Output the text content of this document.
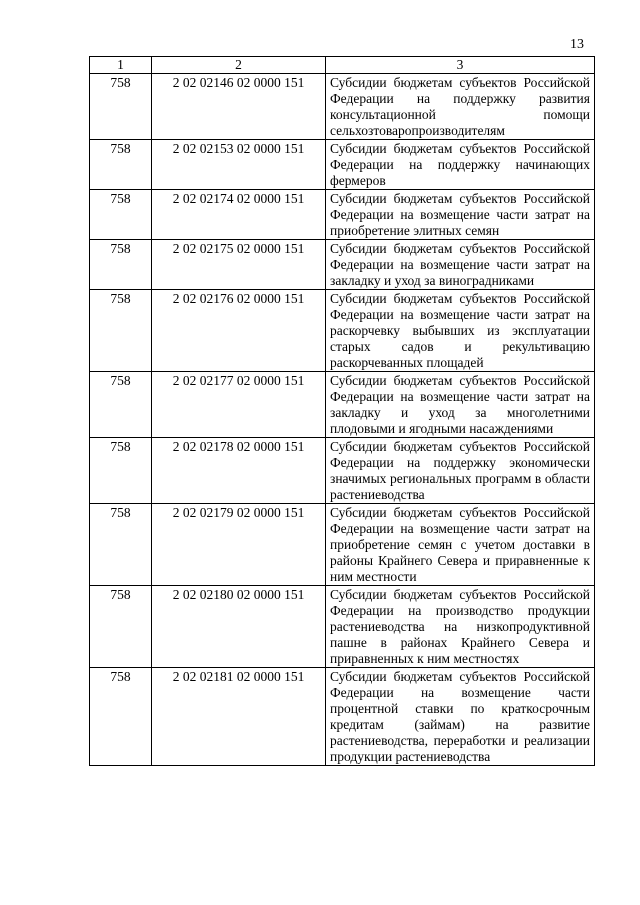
13
1	2	3
758	2 02 02146 02 0000 151	Субсидии бюджетам субъектов Российской Федерации на поддержку развития консультационной помощи сельхозтоваропроизводителям
758	2 02 02153 02 0000 151	Субсидии бюджетам субъектов Российской Федерации на поддержку начинающих фермеров
758	2 02 02174 02 0000 151	Субсидии бюджетам субъектов Российской Федерации на возмещение части затрат на приобретение элитных семян
758	2 02 02175 02 0000 151	Субсидии бюджетам субъектов Российской Федерации на возмещение части затрат на закладку и уход за виноградниками
758	2 02 02176 02 0000 151	Субсидии бюджетам субъектов Российской Федерации на возмещение части затрат на раскорчевку выбывших из эксплуатации старых садов и рекультивацию раскорчеванных площадей
758	2 02 02177 02 0000 151	Субсидии бюджетам субъектов Российской Федерации на возмещение части затрат на закладку и уход за многолетними плодовыми и ягодными насаждениями
758	2 02 02178 02 0000 151	Субсидии бюджетам субъектов Российской Федерации на поддержку экономически значимых региональных программ в области растениеводства
758	2 02 02179 02 0000 151	Субсидии бюджетам субъектов Российской Федерации на возмещение части затрат на приобретение семян с учетом доставки в районы Крайнего Севера и приравненные к ним местности
758	2 02 02180 02 0000 151	Субсидии бюджетам субъектов Российской Федерации на производство продукции растениеводства на низкопродуктивной пашне в районах Крайнего Севера и приравненных к ним местностях
758	2 02 02181 02 0000 151	Субсидии бюджетам субъектов Российской Федерации на возмещение части процентной ставки по краткосрочным кредитам (займам) на развитие растениеводства, переработки и реализации продукции растениеводства
